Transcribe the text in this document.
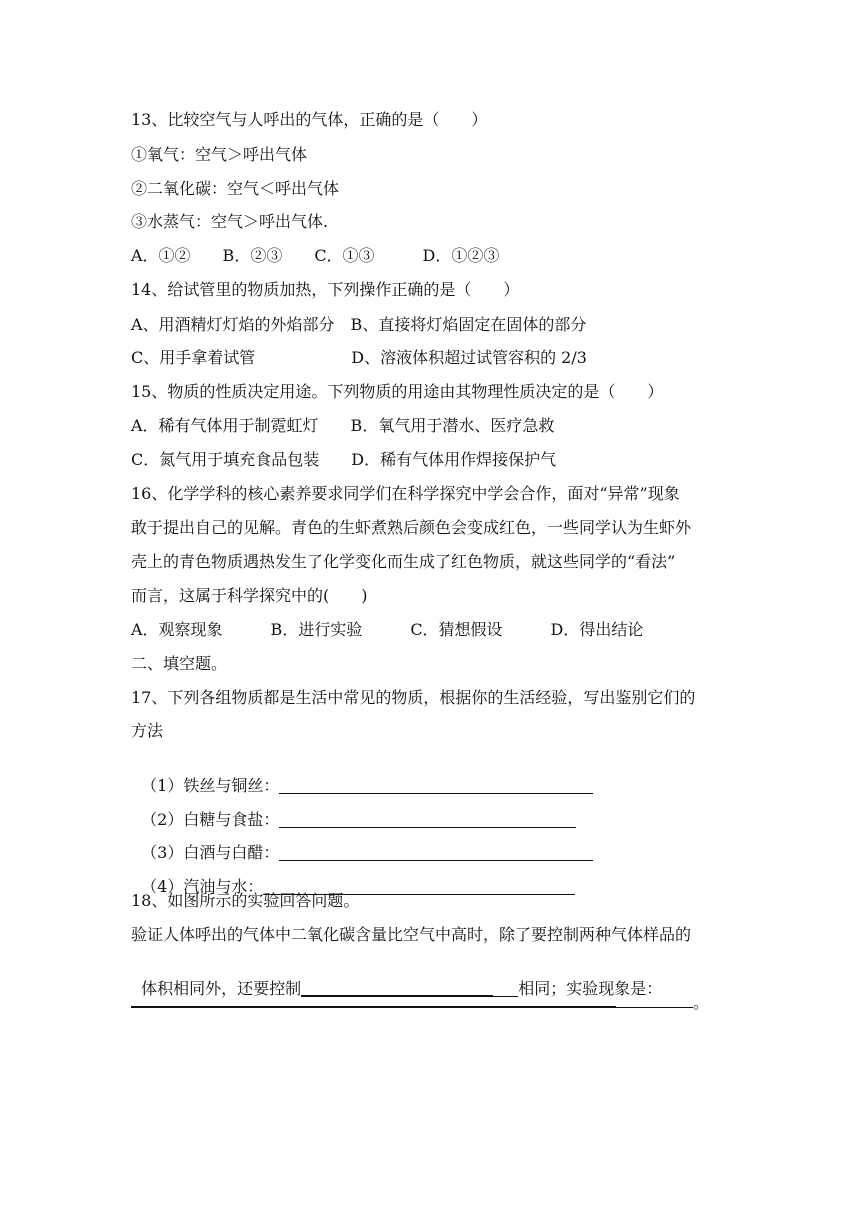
13、比较空气与人呼出的气体，正确的是（　　）
①氧气：空气＞呼出气体
②二氧化碳：空气＜呼出气体
③水蒸气：空气＞呼出气体.
A．①②　　B．②③　　C．①③　　　D．①②③
14、给试管里的物质加热，下列操作正确的是（　　）
A、用酒精灯灯焰的外焰部分　B、直接将灯焰固定在固体的部分
C、用手拿着试管　　　　　　D、溶液体积超过试管容积的 2/3
15、物质的性质决定用途。下列物质的用途由其物理性质决定的是（　　）
A．稀有气体用于制霓虹灯　　B．氧气用于潜水、医疗急救
C．氮气用于填充食品包装　　D．稀有气体用作焊接保护气
16、化学学科的核心素养要求同学们在科学探究中学会合作，面对“异常”现象
敢于提出自己的见解。青色的生虾煮熟后颜色会变成红色，一些同学认为生虾外
壳上的青色物质遇热发生了化学变化而生成了红色物质，就这些同学的“看法”
而言，这属于科学探究中的(　　)
A．观察现象　　　B．进行实验　　　C．猜想假设　　　D．得出结论
二、填空题。
17、下列各组物质都是生活中常见的物质，根据你的生活经验，写出鉴别它们的
方法

（1）铁丝与铜丝：

（2）白糖与食盐：

（3）白酒与白醋：

（4）汽油与水：

18、如图所示的实验回答问题。
验证人体呼出的气体中二氧化碳含量比空气中高时，除了要控制两种气体样品的

体积相同外，还要控制	相同；实验现象是：

。
